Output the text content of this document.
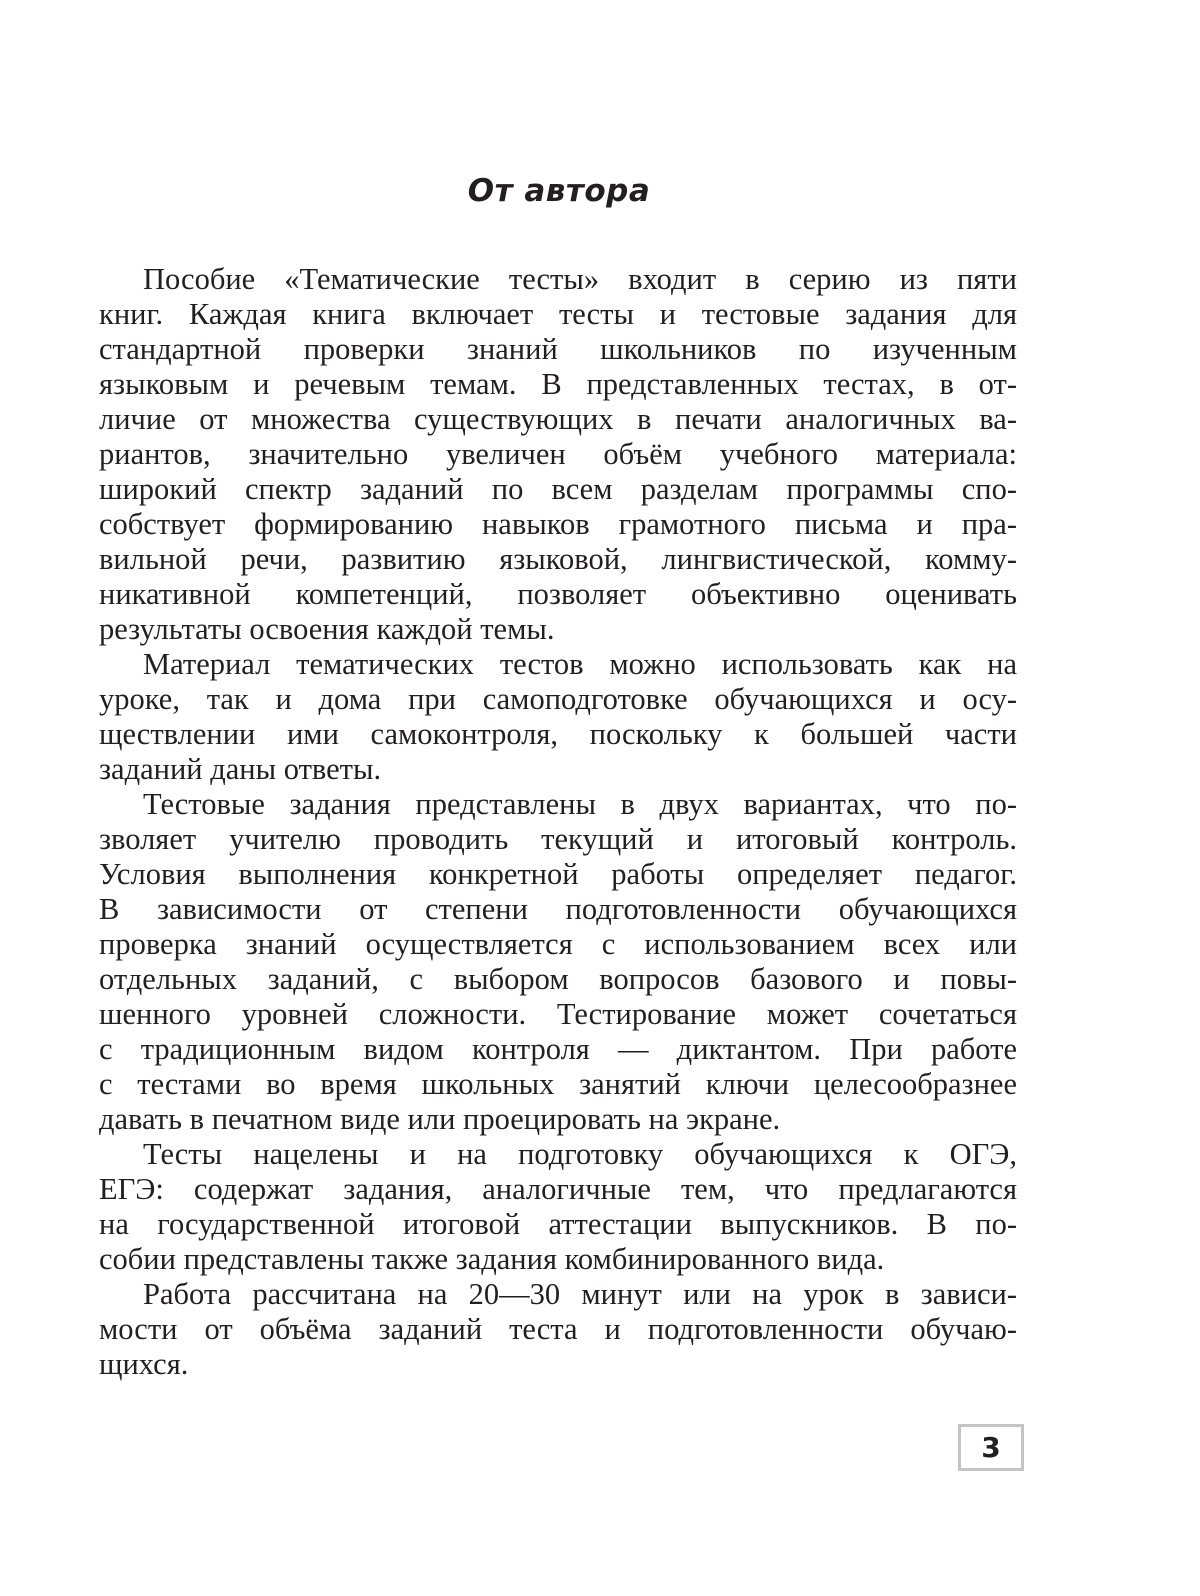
От автора
Пособие «Тематические тесты» входит в серию из пяти
книг. Каждая книга включает тесты и тестовые задания для
стандартной проверки знаний школьников по изученным
языковым и речевым темам. В представленных тестах, в от-
личие от множества существующих в печати аналогичных ва-
риантов, значительно увеличен объём учебного материала:
широкий спектр заданий по всем разделам программы спо-
собствует формированию навыков грамотного письма и пра-
вильной речи, развитию языковой, лингвистической, комму-
никативной компетенций, позволяет объективно оценивать
результаты освоения каждой темы.
Материал тематических тестов можно использовать как на
уроке, так и дома при самоподготовке обучающихся и осу-
ществлении ими самоконтроля, поскольку к большей части
заданий даны ответы.
Тестовые задания представлены в двух вариантах, что по-
зволяет учителю проводить текущий и итоговый контроль.
Условия выполнения конкретной работы определяет педагог.
В зависимости от степени подготовленности обучающихся
проверка знаний осуществляется с использованием всех или
отдельных заданий, с выбором вопросов базового и повы-
шенного уровней сложности. Тестирование может сочетаться
с традиционным видом контроля — диктантом. При работе
с тестами во время школьных занятий ключи целесообразнее
давать в печатном виде или проецировать на экране.
Тесты нацелены и на подготовку обучающихся к ОГЭ,
ЕГЭ: содержат задания, аналогичные тем, что предлагаются
на государственной итоговой аттестации выпускников. В по-
собии представлены также задания комбинированного вида.
Работа рассчитана на 20—30 минут или на урок в зависи-
мости от объёма заданий теста и подготовленности обучаю-
щихся.
3
